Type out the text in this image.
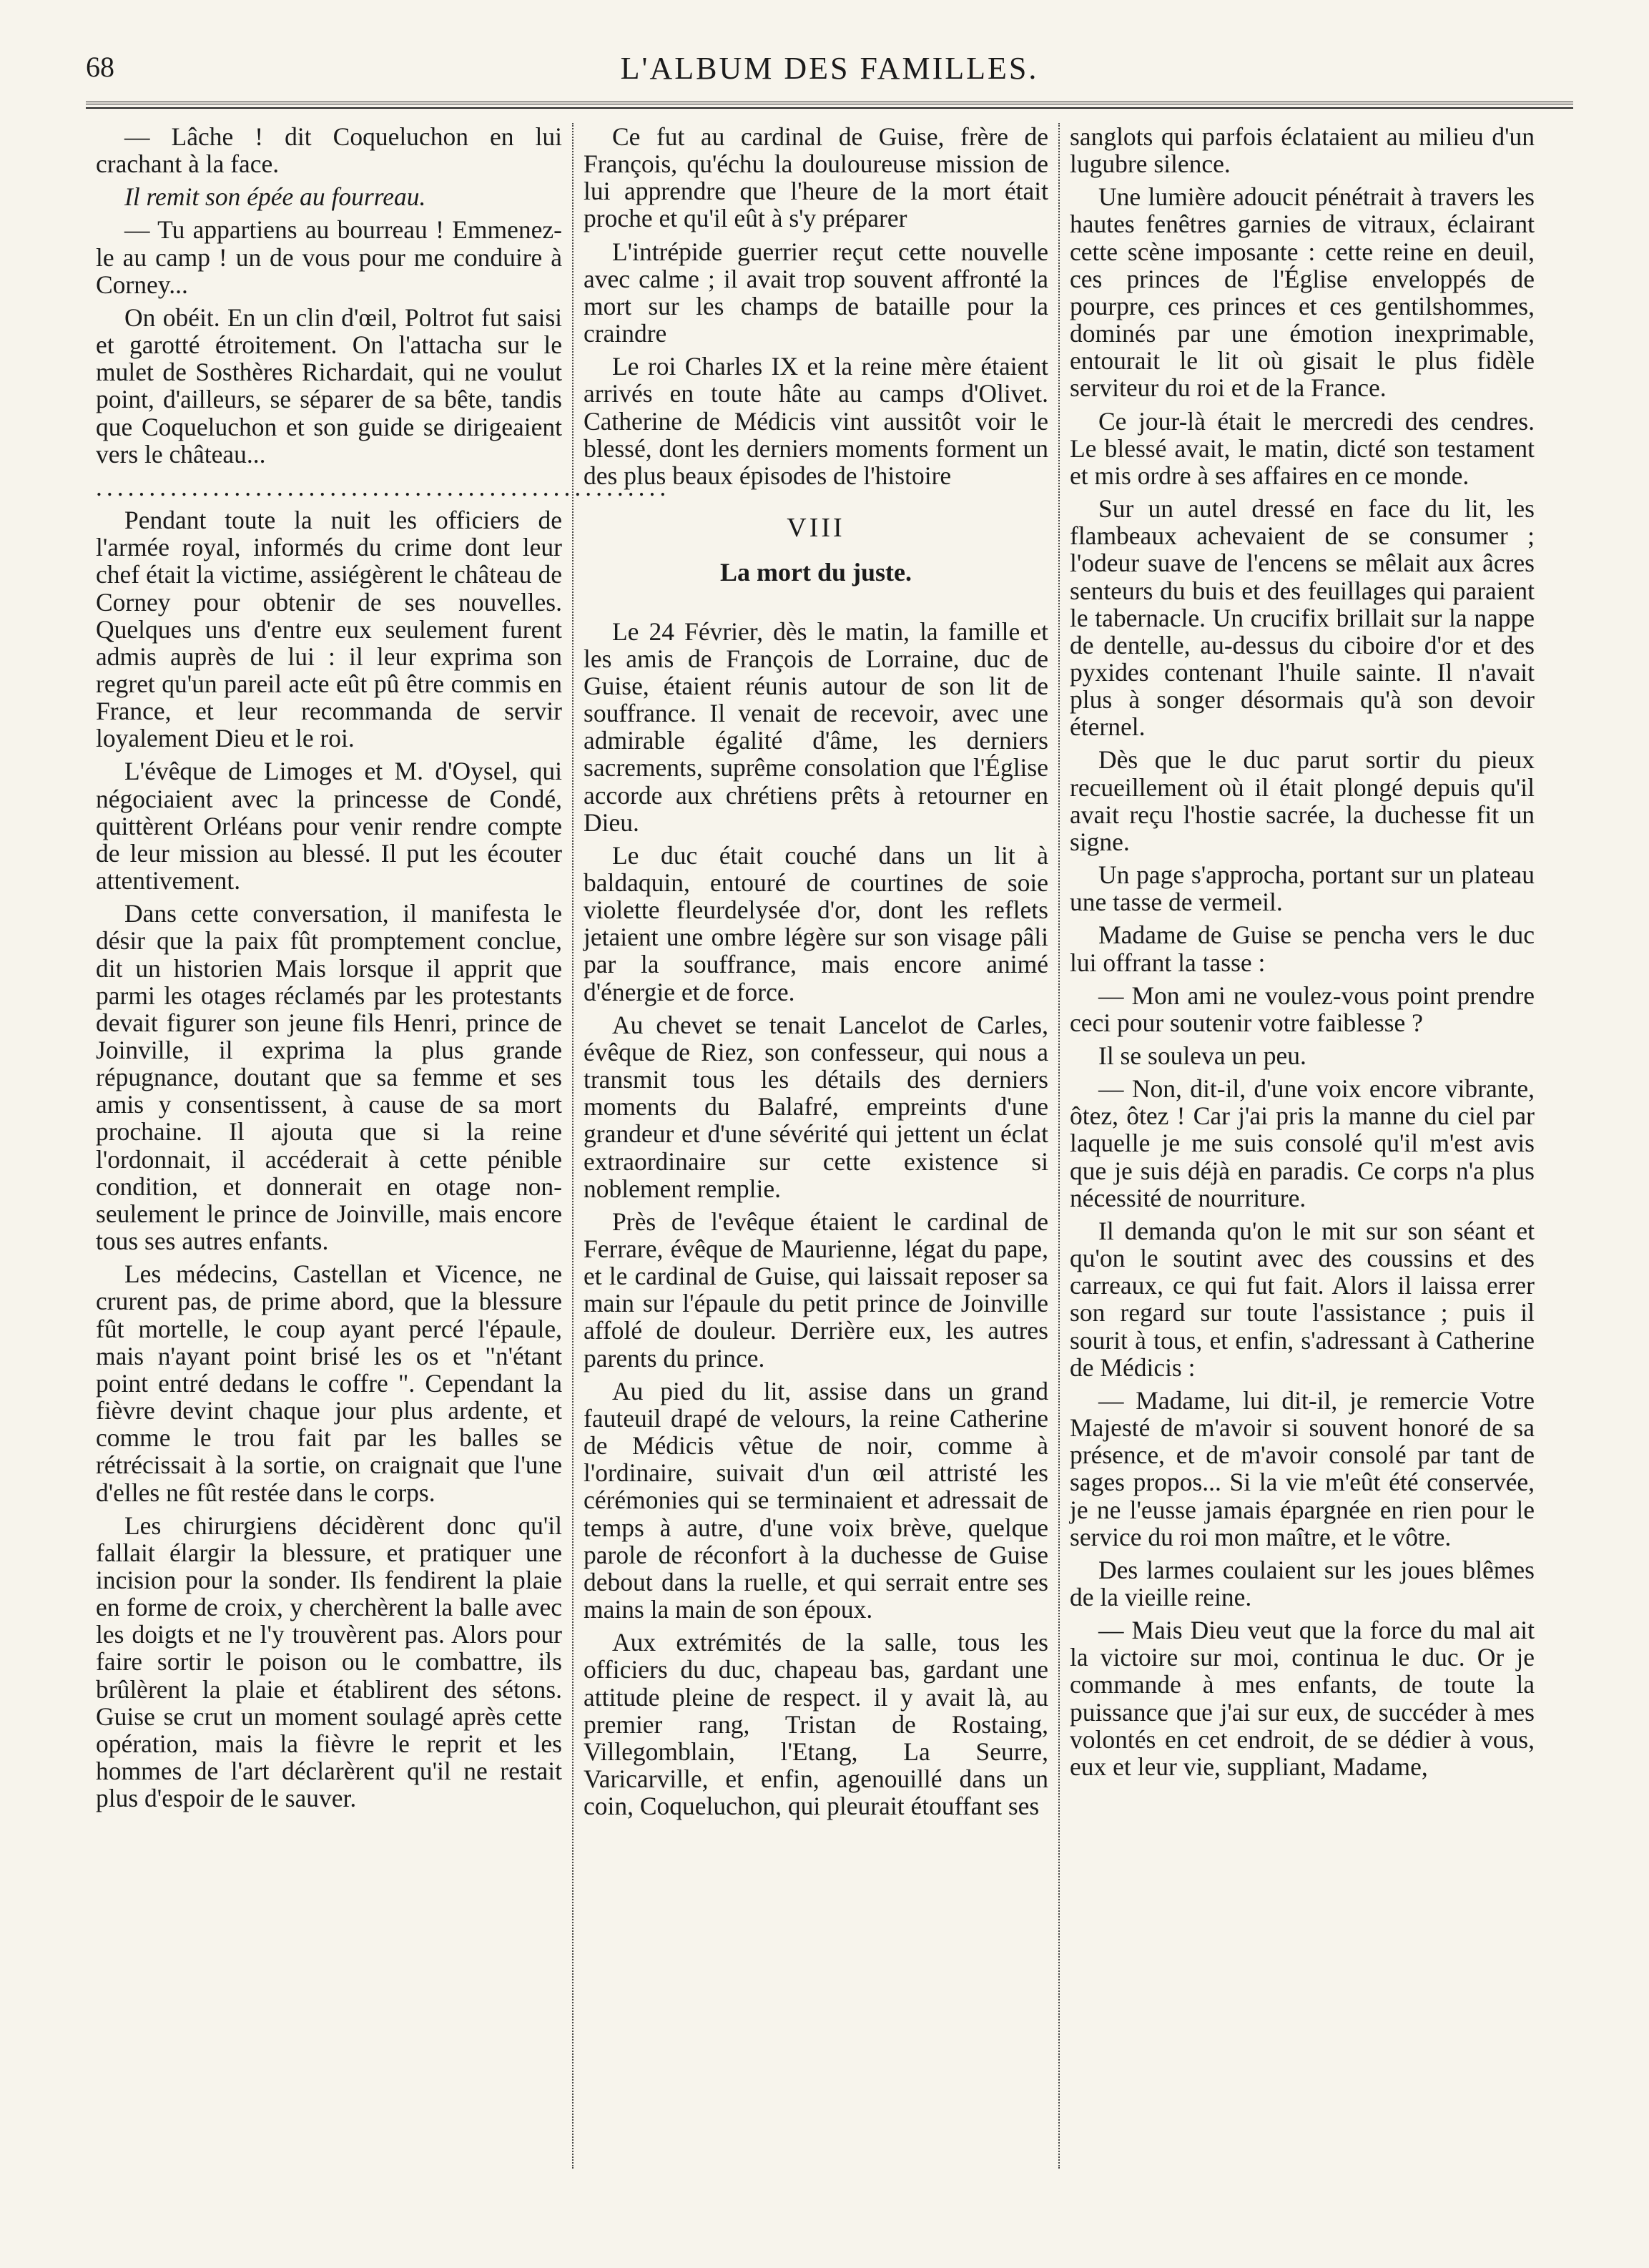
68	L'ALBUM DES FAMILLES.

— Lâche ! dit Coqueluchon en lui crachant à la face.

Il remit son épée au fourreau.

— Tu appartiens au bourreau ! Emmenez-le au camp ! un de vous pour me conduire à Corney...

On obéit. En un clin d'œil, Poltrot fut saisi et garotté étroitement. On l'attacha sur le mulet de Sosthères Richardait, qui ne voulut point, d'ailleurs, se séparer de sa bête, tandis que Coqueluchon et son guide se dirigeaient vers le château...

......................................................

Pendant toute la nuit les officiers de l'armée royal, informés du crime dont leur chef était la victime, assiégèrent le château de Corney pour obtenir de ses nouvelles. Quelques uns d'entre eux seulement furent admis auprès de lui : il leur exprima son regret qu'un pareil acte eût pû être commis en France, et leur recommanda de servir loyalement Dieu et le roi.

L'évêque de Limoges et M. d'Oysel, qui négociaient avec la princesse de Condé, quittèrent Orléans pour venir rendre compte de leur mission au blessé. Il put les écouter attentivement.

Dans cette conversation, il manifesta le désir que la paix fût promptement conclue, dit un historien Mais lorsque il apprit que parmi les otages réclamés par les protestants devait figurer son jeune fils Henri, prince de Joinville, il exprima la plus grande répugnance, doutant que sa femme et ses amis y consentissent, à cause de sa mort prochaine. Il ajouta que si la reine l'ordonnait, il accéderait à cette pénible condition, et donnerait en otage non-seulement le prince de Joinville, mais encore tous ses autres enfants.

Les médecins, Castellan et Vicence, ne crurent pas, de prime abord, que la blessure fût mortelle, le coup ayant percé l'épaule, mais n'ayant point brisé les os et "n'étant point entré dedans le coffre ". Cependant la fièvre devint chaque jour plus ardente, et comme le trou fait par les balles se rétrécissait à la sortie, on craignait que l'une d'elles ne fût restée dans le corps.

Les chirurgiens décidèrent donc qu'il fallait élargir la blessure, et pratiquer une incision pour la sonder. Ils fendirent la plaie en forme de croix, y cherchèrent la balle avec les doigts et ne l'y trouvèrent pas. Alors pour faire sortir le poison ou le combattre, ils brûlèrent la plaie et établirent des sétons. Guise se crut un moment soulagé après cette opération, mais la fièvre le reprit et les hommes de l'art déclarèrent qu'il ne restait plus d'espoir de le sauver.

Ce fut au cardinal de Guise, frère de François, qu'échu la douloureuse mission de lui apprendre que l'heure de la mort était proche et qu'il eût à s'y préparer

L'intrépide guerrier reçut cette nouvelle avec calme ; il avait trop souvent affronté la mort sur les champs de bataille pour la craindre

Le roi Charles IX et la reine mère étaient arrivés en toute hâte au camps d'Olivet. Catherine de Médicis vint aussitôt voir le blessé, dont les derniers moments forment un des plus beaux épisodes de l'histoire

VIII
La mort du juste.

Le 24 Février, dès le matin, la famille et les amis de François de Lorraine, duc de Guise, étaient réunis autour de son lit de souffrance. Il venait de recevoir, avec une admirable égalité d'âme, les derniers sacrements, suprême consolation que l'Église accorde aux chrétiens prêts à retourner en Dieu.

Le duc était couché dans un lit à baldaquin, entouré de courtines de soie violette fleurdelysée d'or, dont les reflets jetaient une ombre légère sur son visage pâli par la souffrance, mais encore animé d'énergie et de force.

Au chevet se tenait Lancelot de Carles, évêque de Riez, son confesseur, qui nous a transmit tous les détails des derniers moments du Balafré, empreints d'une grandeur et d'une sévérité qui jettent un éclat extraordinaire sur cette existence si noblement remplie.

Près de l'evêque étaient le cardinal de Ferrare, évêque de Maurienne, légat du pape, et le cardinal de Guise, qui laissait reposer sa main sur l'épaule du petit prince de Joinville affolé de douleur. Derrière eux, les autres parents du prince.

Au pied du lit, assise dans un grand fauteuil drapé de velours, la reine Catherine de Médicis vêtue de noir, comme à l'ordinaire, suivait d'un œil attristé les cérémonies qui se terminaient et adressait de temps à autre, d'une voix brève, quelque parole de réconfort à la duchesse de Guise debout dans la ruelle, et qui serrait entre ses mains la main de son époux.

Aux extrémités de la salle, tous les officiers du duc, chapeau bas, gardant une attitude pleine de respect. il y avait là, au premier rang, Tristan de Rostaing, Villegomblain, l'Etang, La Seurre, Varicarville, et enfin, agenouillé dans un coin, Coqueluchon, qui pleurait étouffant ses

sanglots qui parfois éclataient au milieu d'un lugubre silence.

Une lumière adoucit pénétrait à travers les hautes fenêtres garnies de vitraux, éclairant cette scène imposante : cette reine en deuil, ces princes de l'Église enveloppés de pourpre, ces princes et ces gentilshommes, dominés par une émotion inexprimable, entourait le lit où gisait le plus fidèle serviteur du roi et de la France.

Ce jour-là était le mercredi des cendres. Le blessé avait, le matin, dicté son testament et mis ordre à ses affaires en ce monde.

Sur un autel dressé en face du lit, les flambeaux achevaient de se consumer ; l'odeur suave de l'encens se mêlait aux âcres senteurs du buis et des feuillages qui paraient le tabernacle. Un crucifix brillait sur la nappe de dentelle, au-dessus du ciboire d'or et des pyxides contenant l'huile sainte. Il n'avait plus à songer désormais qu'à son devoir éternel.

Dès que le duc parut sortir du pieux recueillement où il était plongé depuis qu'il avait reçu l'hostie sacrée, la duchesse fit un signe.

Un page s'approcha, portant sur un plateau une tasse de vermeil.

Madame de Guise se pencha vers le duc lui offrant la tasse :

— Mon ami ne voulez-vous point prendre ceci pour soutenir votre faiblesse ?

Il se souleva un peu.

— Non, dit-il, d'une voix encore vibrante, ôtez, ôtez ! Car j'ai pris la manne du ciel par laquelle je me suis consolé qu'il m'est avis que je suis déjà en paradis. Ce corps n'a plus nécessité de nourriture.

Il demanda qu'on le mit sur son séant et qu'on le soutint avec des coussins et des carreaux, ce qui fut fait. Alors il laissa errer son regard sur toute l'assistance ; puis il sourit à tous, et enfin, s'adressant à Catherine de Médicis :

— Madame, lui dit-il, je remercie Votre Majesté de m'avoir si souvent honoré de sa présence, et de m'avoir consolé par tant de sages propos... Si la vie m'eût été conservée, je ne l'eusse jamais épargnée en rien pour le service du roi mon maître, et le vôtre.

Des larmes coulaient sur les joues blêmes de la vieille reine.

— Mais Dieu veut que la force du mal ait la victoire sur moi, continua le duc. Or je commande à mes enfants, de toute la puissance que j'ai sur eux, de succéder à mes volontés en cet endroit, de se dédier à vous, eux et leur vie, suppliant, Madame,
